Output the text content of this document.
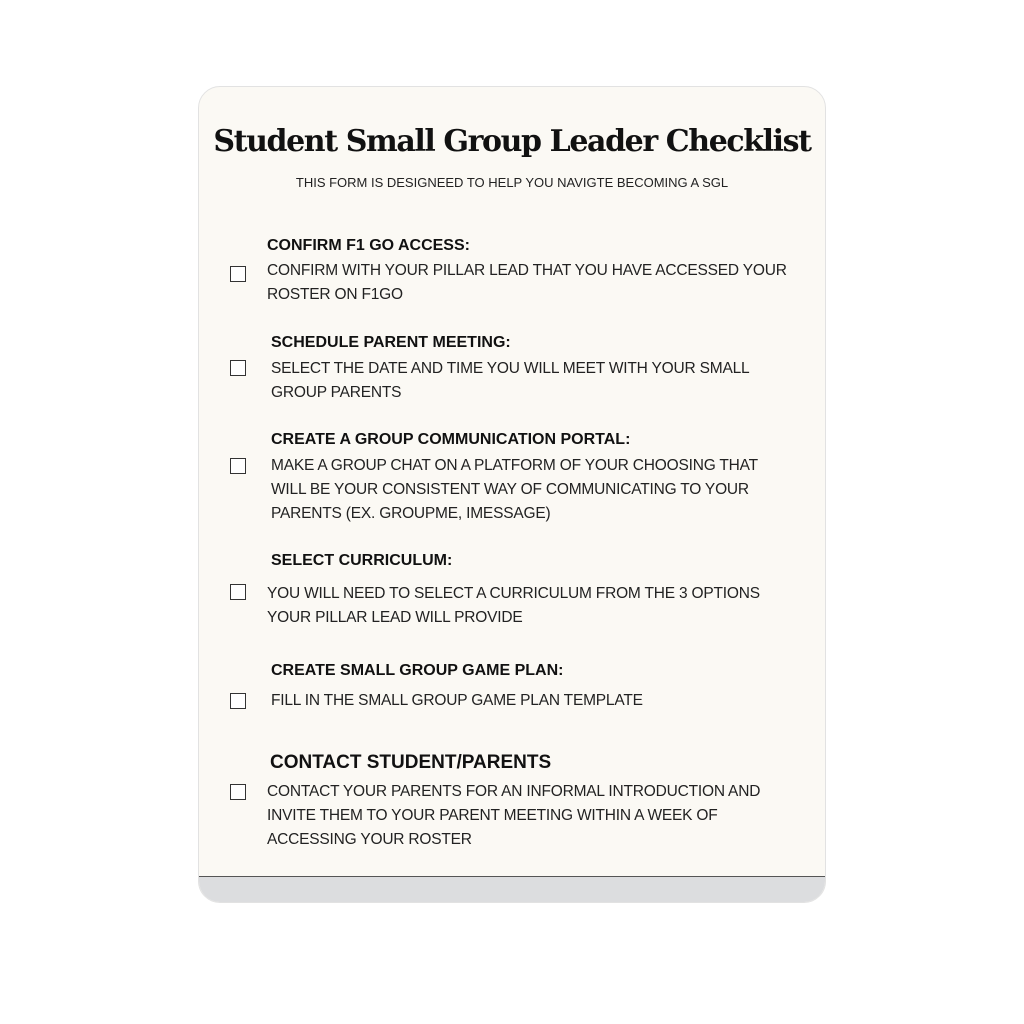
Student Small Group Leader Checklist
THIS FORM IS DESIGNEED TO HELP YOU NAVIGTE BECOMING A SGL
CONFIRM F1 GO ACCESS:
CONFIRM WITH YOUR PILLAR LEAD THAT YOU HAVE ACCESSED YOUR
ROSTER ON F1GO
SCHEDULE PARENT MEETING:
SELECT THE DATE AND TIME YOU WILL MEET WITH YOUR SMALL
GROUP PARENTS
CREATE A GROUP COMMUNICATION PORTAL:
MAKE A GROUP CHAT ON A PLATFORM OF YOUR CHOOSING THAT
WILL BE YOUR CONSISTENT WAY OF COMMUNICATING TO YOUR
PARENTS (EX. GROUPME, IMESSAGE)
SELECT CURRICULUM:
YOU WILL NEED TO SELECT A CURRICULUM FROM THE 3 OPTIONS
YOUR PILLAR LEAD WILL PROVIDE
CREATE SMALL GROUP GAME PLAN:
FILL IN THE SMALL GROUP GAME PLAN TEMPLATE
CONTACT STUDENT/PARENTS
CONTACT YOUR PARENTS FOR AN INFORMAL INTRODUCTION AND
INVITE THEM TO YOUR PARENT MEETING WITHIN A WEEK OF
ACCESSING YOUR ROSTER
